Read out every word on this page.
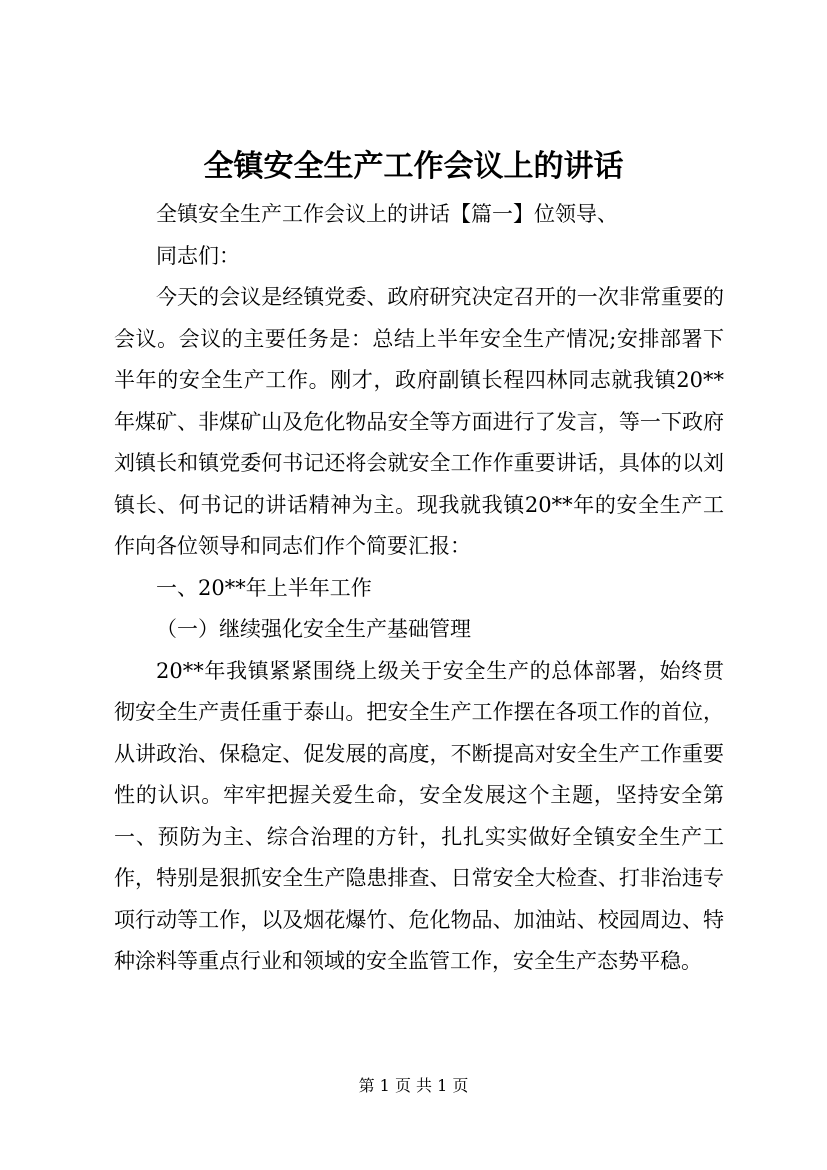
全镇安全生产工作会议上的讲话

全镇安全生产工作会议上的讲话【篇一】位领导、

同志们：

今天的会议是经镇党委、政府研究决定召开的一次非常重要的会议。会议的主要任务是：总结上半年安全生产情况;安排部署下半年的安全生产工作。刚才，政府副镇长程四林同志就我镇20**年煤矿、非煤矿山及危化物品安全等方面进行了发言，等一下政府刘镇长和镇党委何书记还将会就安全工作作重要讲话，具体的以刘镇长、何书记的讲话精神为主。现我就我镇20**年的安全生产工作向各位领导和同志们作个简要汇报：

一、20**年上半年工作

（一）继续强化安全生产基础管理

20**年我镇紧紧围绕上级关于安全生产的总体部署，始终贯彻安全生产责任重于泰山。把安全生产工作摆在各项工作的首位，从讲政治、保稳定、促发展的高度，不断提高对安全生产工作重要性的认识。牢牢把握关爱生命，安全发展这个主题，坚持安全第一、预防为主、综合治理的方针，扎扎实实做好全镇安全生产工作，特别是狠抓安全生产隐患排查、日常安全大检查、打非治违专项行动等工作，以及烟花爆竹、危化物品、加油站、校园周边、特种涂料等重点行业和领域的安全监管工作，安全生产态势平稳。

第 1 页 共 1 页
